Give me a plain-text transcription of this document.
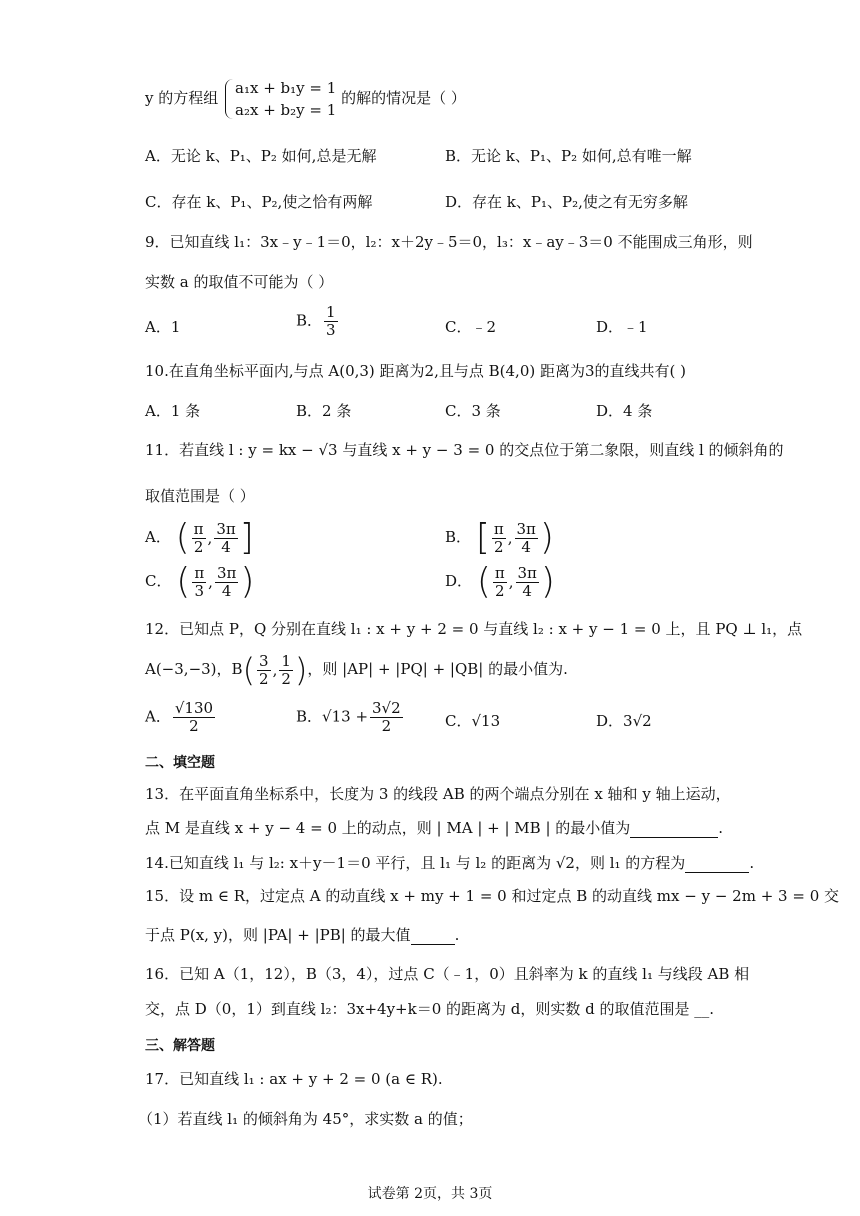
y 的方程组
a₁x + b₁y = 1
a₂x + b₂y = 1
的解的情况是（ ）
A．无论 k、P₁、P₂ 如何,总是无解	B．无论 k、P₁、P₂ 如何,总有唯一解
C．存在 k、P₁、P₂,使之恰有两解	D．存在 k、P₁、P₂,使之有无穷多解
9．已知直线 l₁：3x﹣y﹣1＝0，l₂：x＋2y﹣5＝0，l₃：x﹣ay﹣3＝0 不能围成三角形，则
实数 a 的取值不可能为（ ）
A．1	B． $\frac{1}{3}$	C．﹣2	D．﹣1
10.在直角坐标平面内,与点 A(0,3) 距离为2,且与点 B(4,0) 距离为3的直线共有( )
A．1 条	B．2 条	C．3 条	D．4 条
11．若直线 l : y = kx − √3 与直线 x + y − 3 = 0 的交点位于第二象限，则直线 l 的倾斜角的
取值范围是（ ）
A． ( $\frac{\pi}{2}$ , $\frac{3\pi}{4}$ ]	B． [ $\frac{\pi}{2}$ , $\frac{3\pi}{4}$ )
C． ( $\frac{\pi}{3}$ , $\frac{3\pi}{4}$ )	D． ( $\frac{\pi}{2}$ , $\frac{3\pi}{4}$ )
12．已知点 P，Q 分别在直线 l₁ : x + y + 2 = 0 与直线 l₂ : x + y − 1 = 0 上，且 PQ ⊥ l₁，点
A(−3,−3)，B ( $\frac{3}{2}$ , $\frac{1}{2}$ ) ，则 |AP| + |PQ| + |QB| 的最小值为.
A． $\frac{√130}{2}$	B．$√13 + \frac{3√2}{2}$	C．√13	D．3√2
二、填空题
13．在平面直角坐标系中，长度为 3 的线段 AB 的两个端点分别在 x 轴和 y 轴上运动，
点 M 是直线 x + y − 4 = 0 上的动点，则 | MA | + | MB | 的最小值为	.
14.已知直线 l₁ 与 l₂: x＋y－1＝0 平行，且 l₁ 与 l₂ 的距离为 √2，则 l₁ 的方程为	.
15．设 m ∈ R，过定点 A 的动直线 x + my + 1 = 0 和过定点 B 的动直线 mx − y − 2m + 3 = 0 交
于点 P(x, y)，则 |PA| + |PB| 的最大值	.
16．已知 A（1，12），B（3，4），过点 C（﹣1，0）且斜率为 k 的直线 l₁ 与线段 AB 相
交，点 D（0，1）到直线 l₂：3x+4y+k＝0 的距离为 d，则实数 d 的取值范围是 __.
三、解答题
17．已知直线 l₁ : ax + y + 2 = 0 (a ∈ R).
（1）若直线 l₁ 的倾斜角为 45°，求实数 a 的值；
试卷第 2页，共 3页
